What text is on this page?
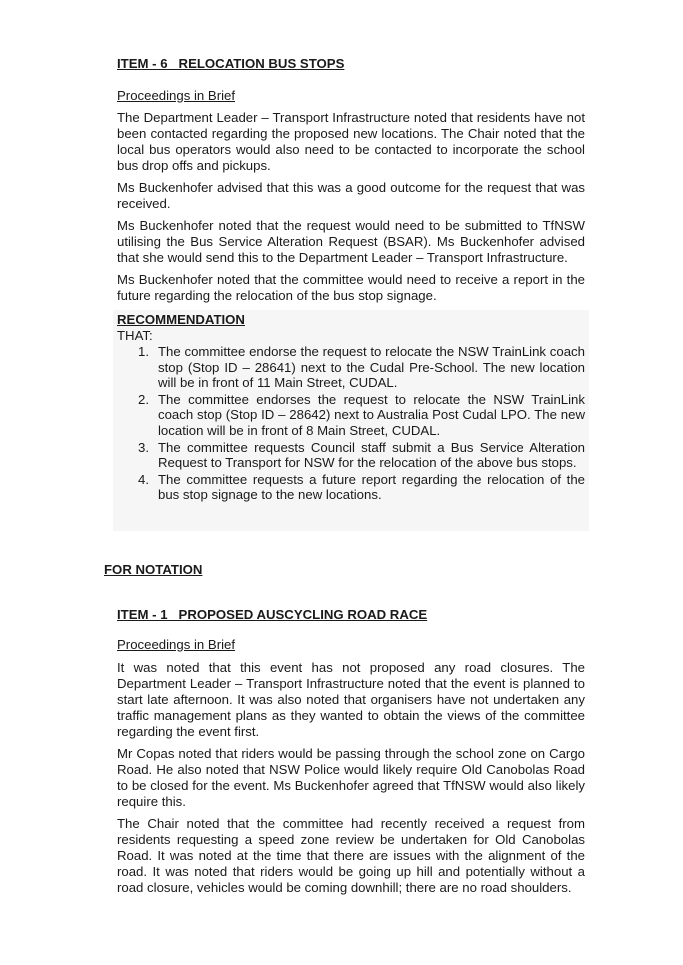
ITEM - 6   RELOCATION BUS STOPS
Proceedings in Brief

The Department Leader – Transport Infrastructure noted that residents have not been contacted regarding the proposed new locations. The Chair noted that the local bus operators would also need to be contacted to incorporate the school bus drop offs and pickups.

Ms Buckenhofer advised that this was a good outcome for the request that was received.

Ms Buckenhofer noted that the request would need to be submitted to TfNSW utilising the Bus Service Alteration Request (BSAR). Ms Buckenhofer advised that she would send this to the Department Leader – Transport Infrastructure.

Ms Buckenhofer noted that the committee would need to receive a report in the future regarding the relocation of the bus stop signage.

RECOMMENDATION
THAT:
1. The committee endorse the request to relocate the NSW TrainLink coach stop (Stop ID – 28641) next to the Cudal Pre-School. The new location will be in front of 11 Main Street, CUDAL.
2. The committee endorses the request to relocate the NSW TrainLink coach stop (Stop ID – 28642) next to Australia Post Cudal LPO. The new location will be in front of 8 Main Street, CUDAL.
3. The committee requests Council staff submit a Bus Service Alteration Request to Transport for NSW for the relocation of the above bus stops.
4. The committee requests a future report regarding the relocation of the bus stop signage to the new locations.
FOR NOTATION
ITEM - 1   PROPOSED AUSCYCLING ROAD RACE
Proceedings in Brief

It was noted that this event has not proposed any road closures. The Department Leader – Transport Infrastructure noted that the event is planned to start late afternoon. It was also noted that organisers have not undertaken any traffic management plans as they wanted to obtain the views of the committee regarding the event first.

Mr Copas noted that riders would be passing through the school zone on Cargo Road. He also noted that NSW Police would likely require Old Canobolas Road to be closed for the event. Ms Buckenhofer agreed that TfNSW would also likely require this.

The Chair noted that the committee had recently received a request from residents requesting a speed zone review be undertaken for Old Canobolas Road. It was noted at the time that there are issues with the alignment of the road. It was noted that riders would be going up hill and potentially without a road closure, vehicles would be coming downhill; there are no road shoulders.
